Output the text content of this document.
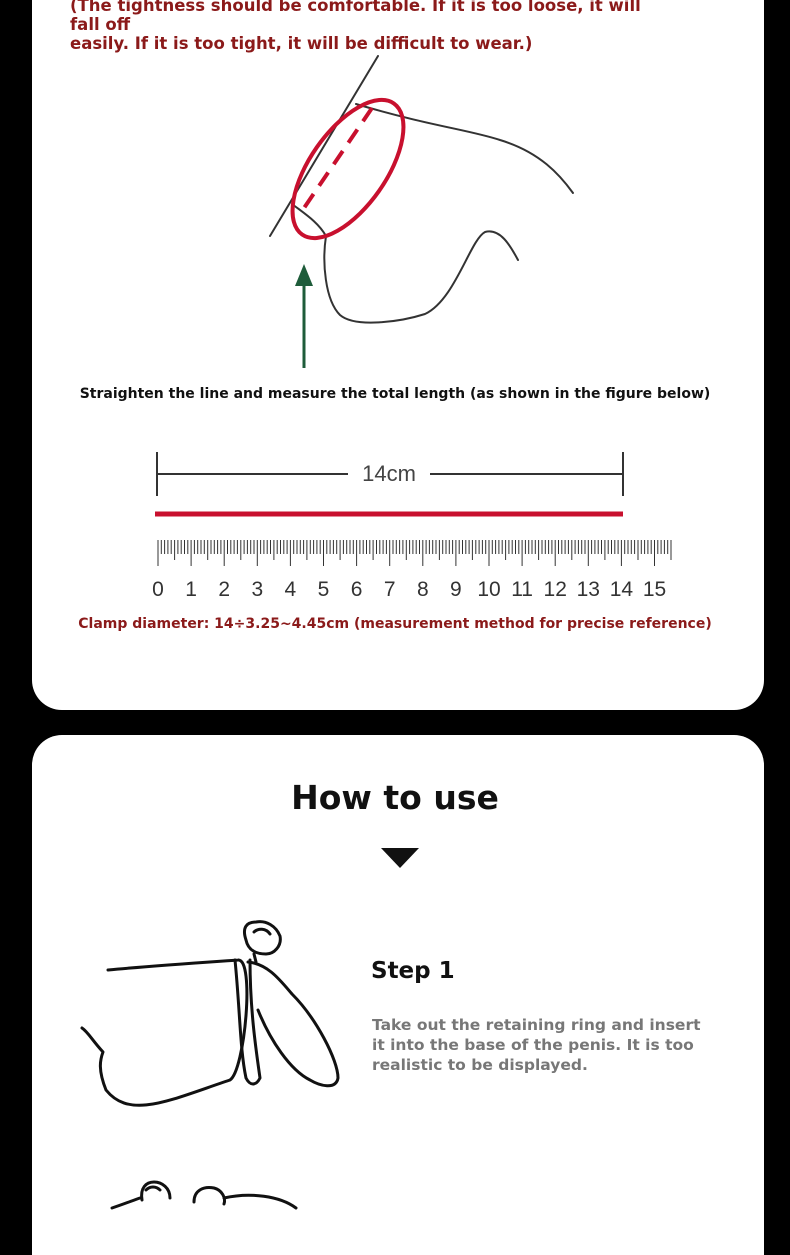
(The tightness should be comfortable. If it is too loose, it will fall off
easily. If it is too tight, it will be difficult to wear.)
Straighten the line and measure the total length (as shown in the figure below)
14cm
0 1 2 3 4 5 6 7 8 9 10 11 12 13 14 15
Clamp diameter: 14÷3.25~4.45cm (measurement method for precise reference)
How to use
Step 1
Take out the retaining ring and insert it into the base of the penis. It is too realistic to be displayed.
